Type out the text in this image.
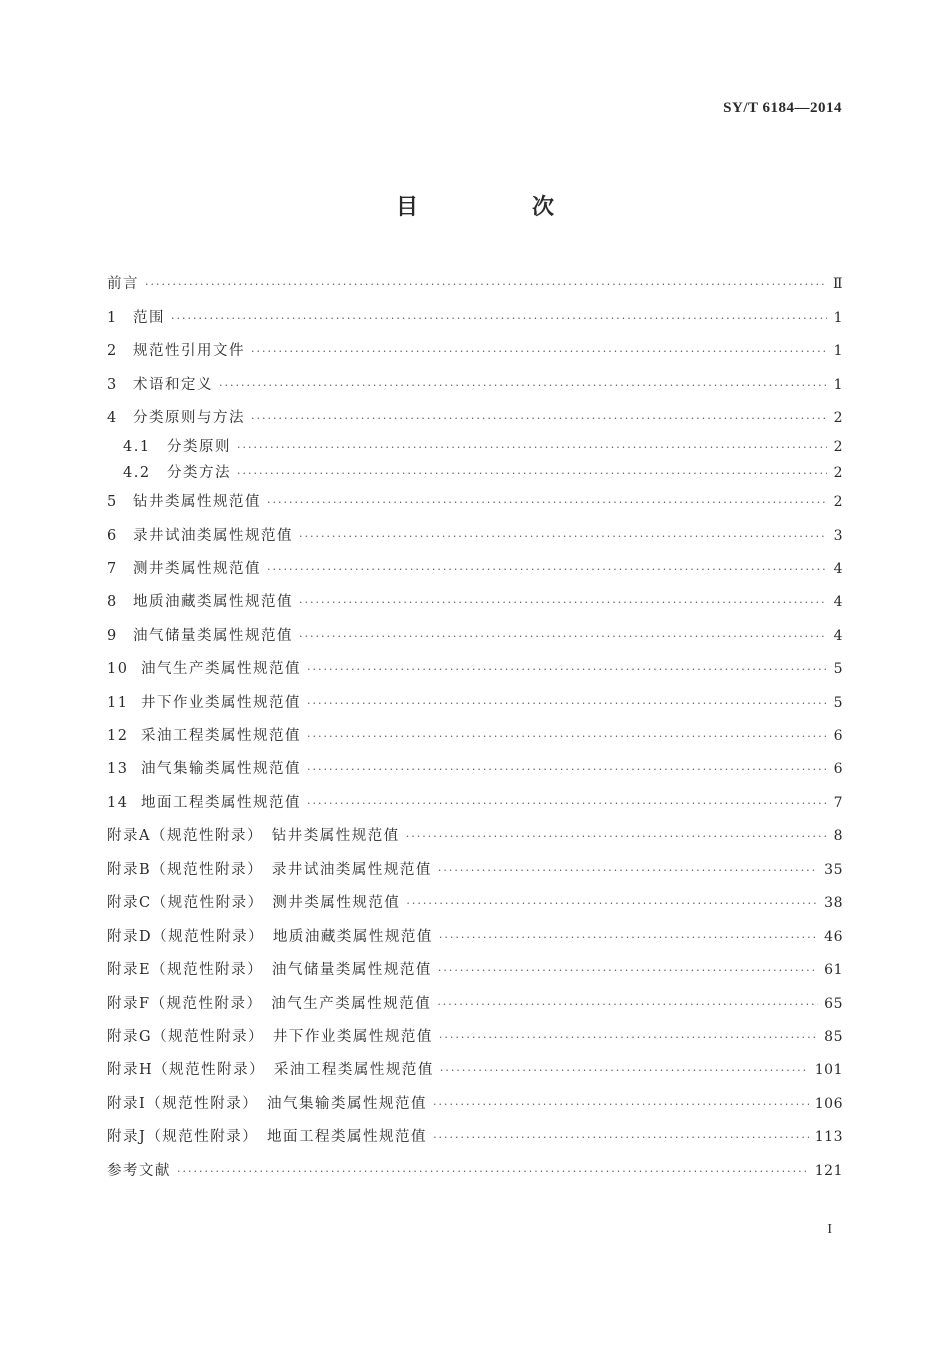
SY/T 6184—2014
目　次
前言 ·····	Ⅱ
1	范围 ·····	1
2	规范性引用文件 ·····	1
3	术语和定义 ·····	1
4	分类原则与方法 ·····	2
4.1	分类原则 ·····	2
4.2	分类方法 ·····	2
5	钻井类属性规范值 ·····	2
6	录井试油类属性规范值 ·····	3
7	测井类属性规范值 ·····	4
8	地质油藏类属性规范值 ·····	4
9	油气储量类属性规范值 ·····	4
10 油气生产类属性规范值 ·····	5
11 井下作业类属性规范值 ·····	5
12 采油工程类属性规范值 ·····	6
13 油气集输类属性规范值 ·····	6
14 地面工程类属性规范值 ·····	7
附录A（规范性附录）　钻井类属性规范值 ·····	8
附录B（规范性附录）　录井试油类属性规范值 ·····	35
附录C（规范性附录）　测井类属性规范值 ·····	38
附录D（规范性附录）　地质油藏类属性规范值 ·····	46
附录E（规范性附录）　油气储量类属性规范值 ·····	61
附录F（规范性附录）　油气生产类属性规范值 ·····	65
附录G（规范性附录）　井下作业类属性规范值 ·····	85
附录H（规范性附录）　采油工程类属性规范值 ·····	101
附录I（规范性附录）　油气集输类属性规范值 ·····	106
附录J（规范性附录）　地面工程类属性规范值 ·····	113
参考文献 ·····	121
I
